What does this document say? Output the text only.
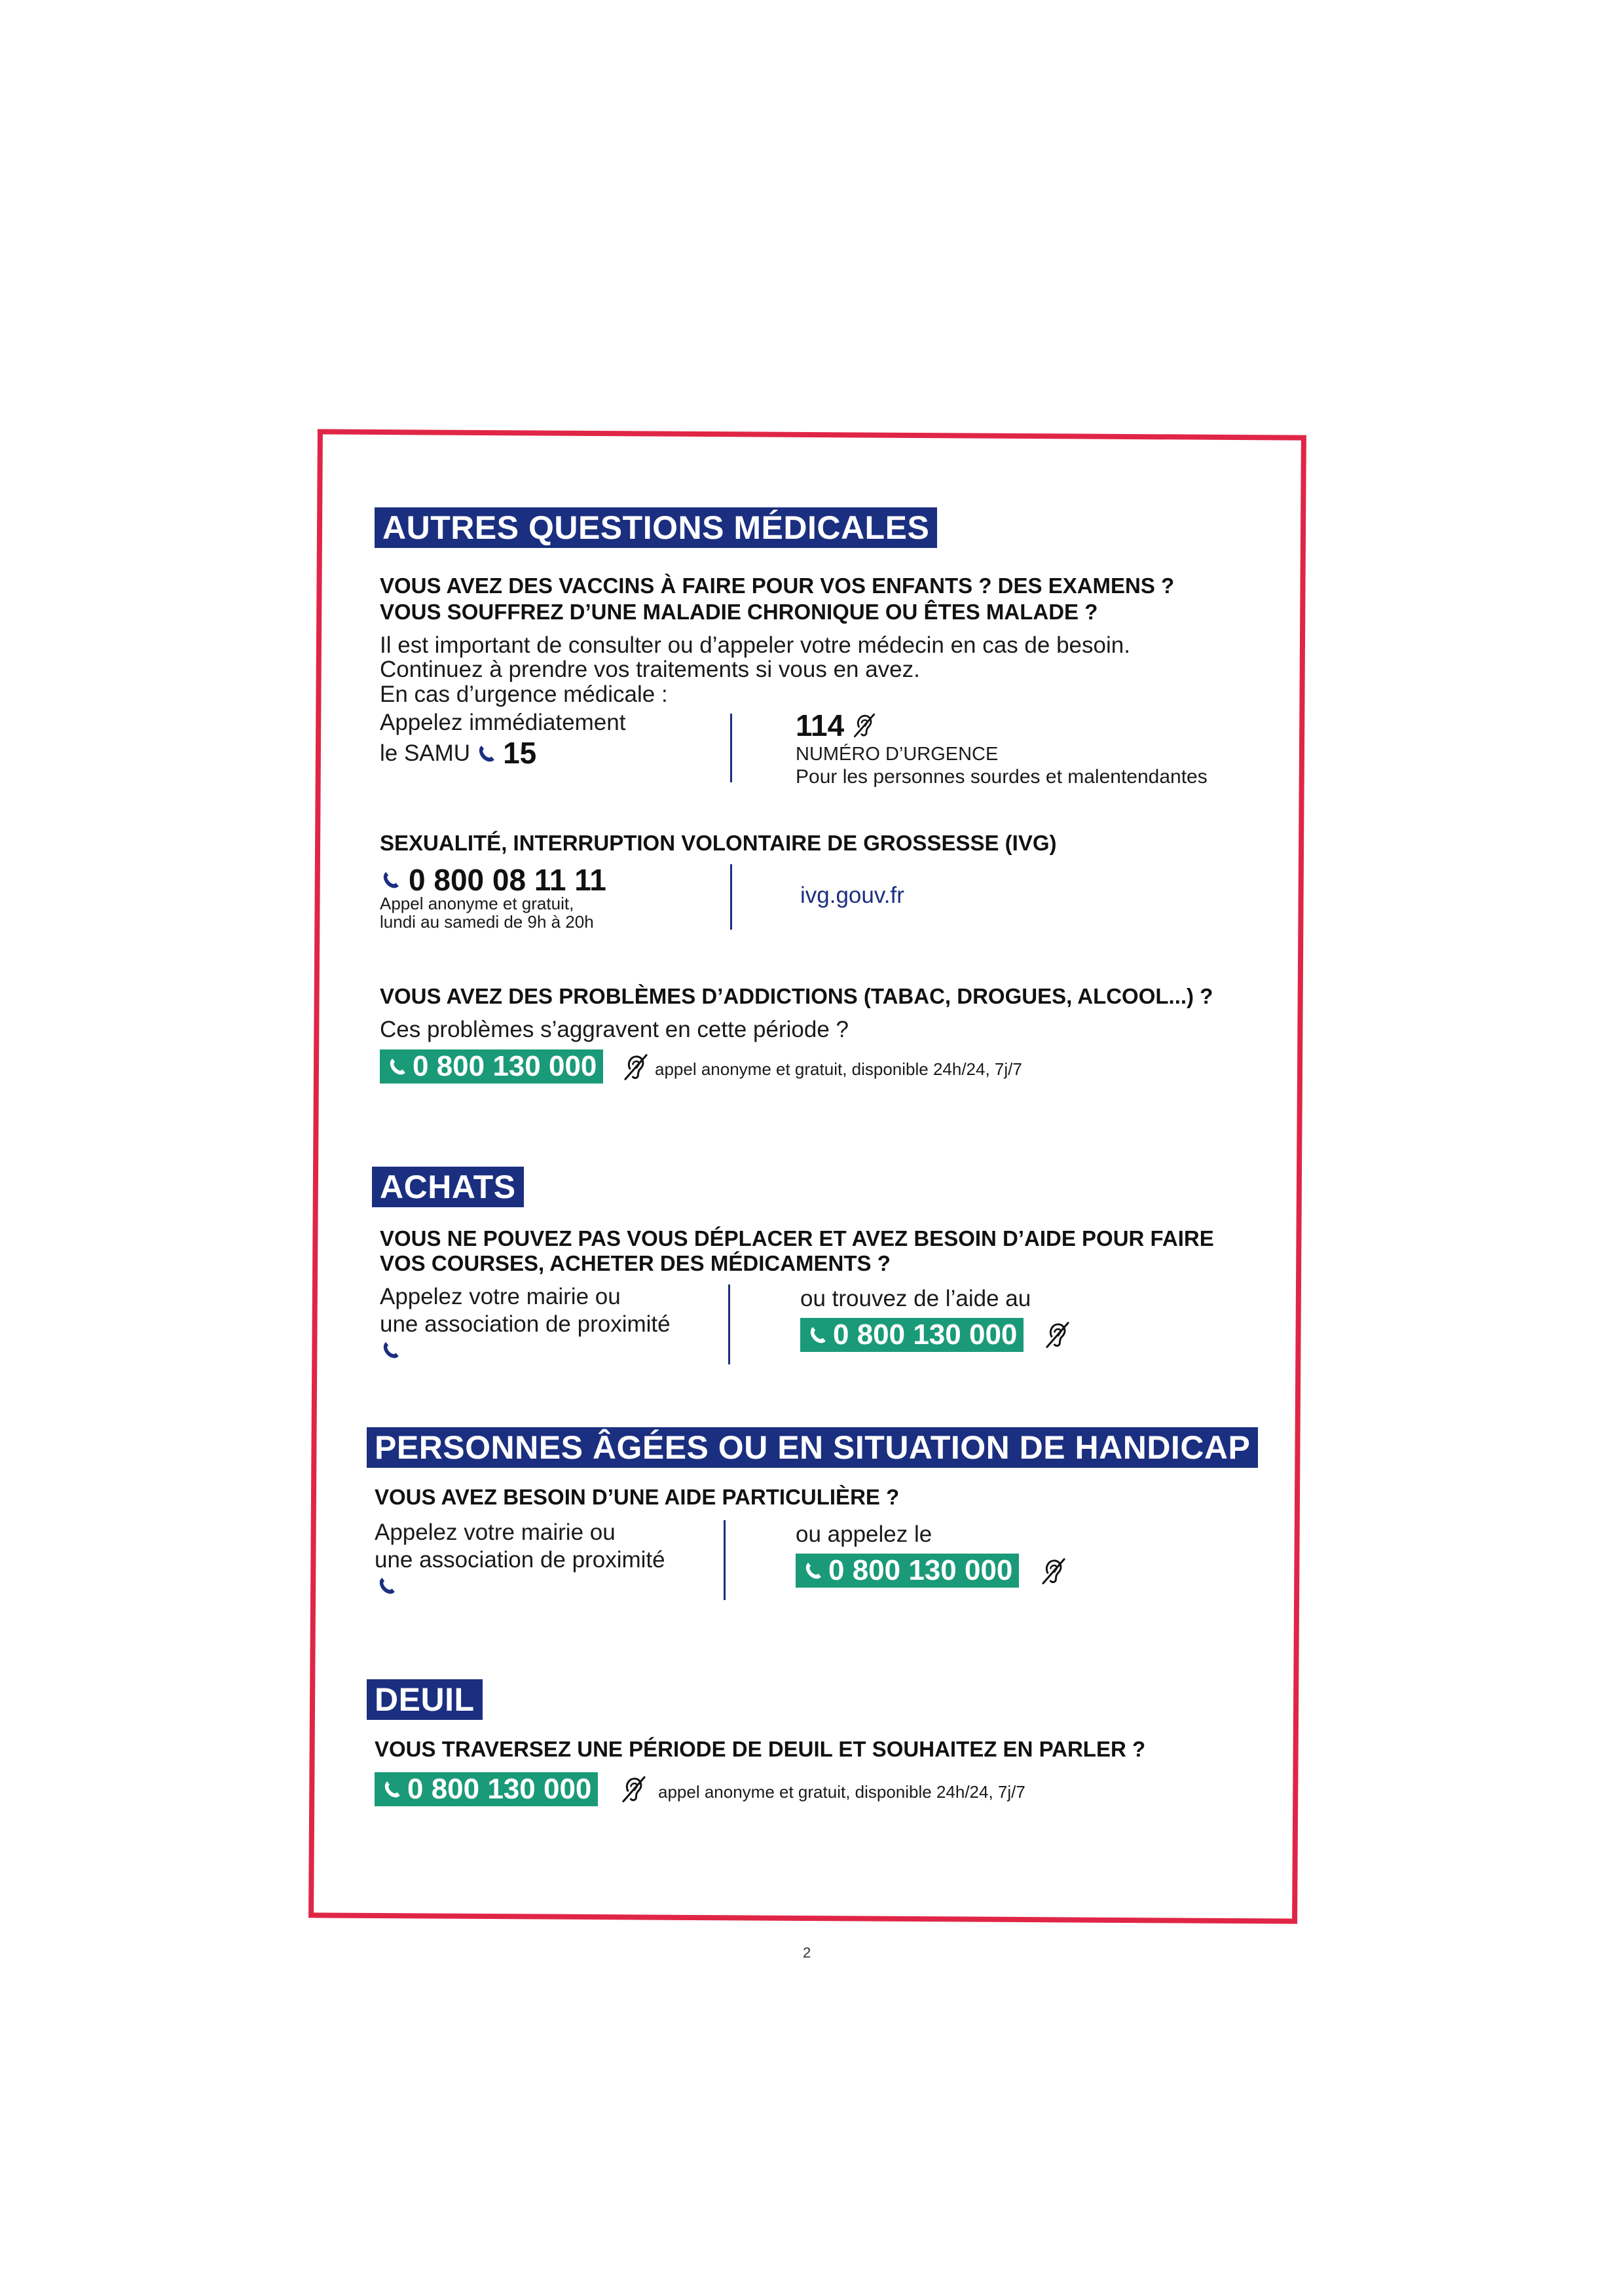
AUTRES QUESTIONS MÉDICALES
VOUS AVEZ DES VACCINS À FAIRE POUR VOS ENFANTS ? DES EXAMENS ?
VOUS SOUFFREZ D’UNE MALADIE CHRONIQUE OU ÊTES MALADE ?
Il est important de consulter ou d’appeler votre médecin en cas de besoin.
Continuez à prendre vos traitements si vous en avez.
En cas d’urgence médicale :
Appelez immédiatement
le SAMU 15
114
NUMÉRO D’URGENCE
Pour les personnes sourdes et malentendantes
SEXUALITÉ, INTERRUPTION VOLONTAIRE DE GROSSESSE (IVG)
0 800 08 11 11
Appel anonyme et gratuit,
lundi au samedi de 9h à 20h
ivg.gouv.fr
VOUS AVEZ DES PROBLÈMES D’ADDICTIONS (TABAC, DROGUES, ALCOOL...) ?
Ces problèmes s’aggravent en cette période ?
0 800 130 000	appel anonyme et gratuit, disponible 24h/24, 7j/7
ACHATS
VOUS NE POUVEZ PAS VOUS DÉPLACER ET AVEZ BESOIN D’AIDE POUR FAIRE
VOS COURSES, ACHETER DES MÉDICAMENTS ?
Appelez votre mairie ou
une association de proximité
ou trouvez de l’aide au
0 800 130 000
PERSONNES ÂGÉES OU EN SITUATION DE HANDICAP
VOUS AVEZ BESOIN D’UNE AIDE PARTICULIÈRE ?
Appelez votre mairie ou
une association de proximité
ou appelez le
0 800 130 000
DEUIL
VOUS TRAVERSEZ UNE PÉRIODE DE DEUIL ET SOUHAITEZ EN PARLER ?
0 800 130 000	appel anonyme et gratuit, disponible 24h/24, 7j/7
2
